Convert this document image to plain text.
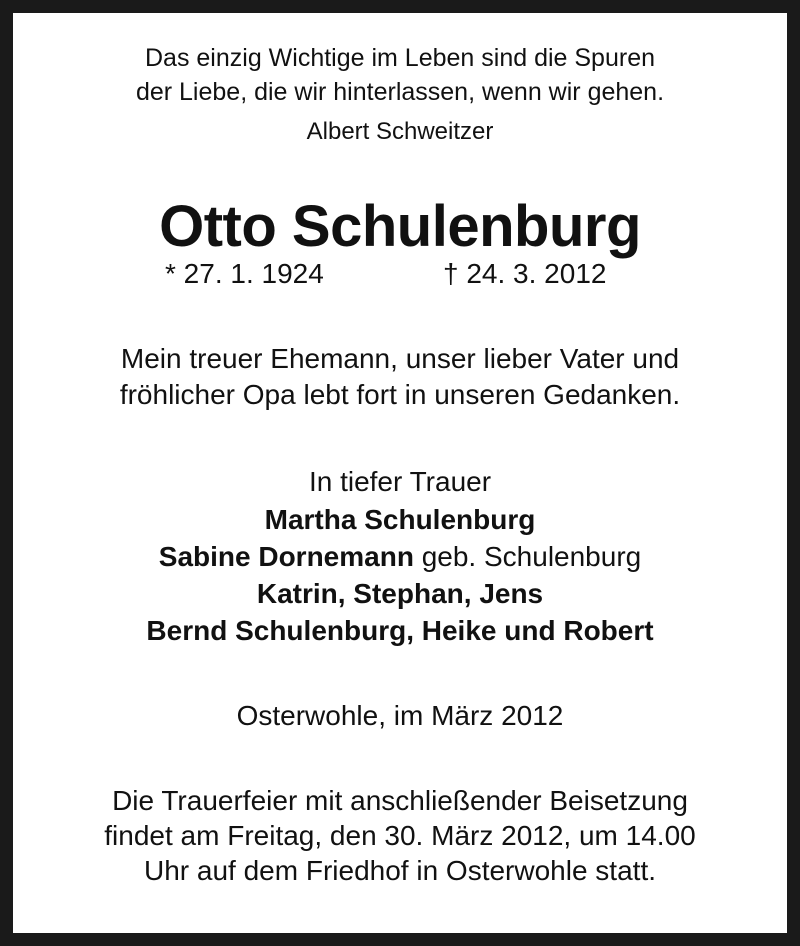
Das einzig Wichtige im Leben sind die Spuren
der Liebe, die wir hinterlassen, wenn wir gehen.
Albert Schweitzer
Otto Schulenburg
* 27. 1. 1924	† 24. 3. 2012
Mein treuer Ehemann, unser lieber Vater und
fröhlicher Opa lebt fort in unseren Gedanken.
In tiefer Trauer
Martha Schulenburg
Sabine Dornemann geb. Schulenburg
Katrin, Stephan, Jens
Bernd Schulenburg, Heike und Robert
Osterwohle, im März 2012
Die Trauerfeier mit anschließender Beisetzung
findet am Freitag, den 30. März 2012, um 14.00
Uhr auf dem Friedhof in Osterwohle statt.
